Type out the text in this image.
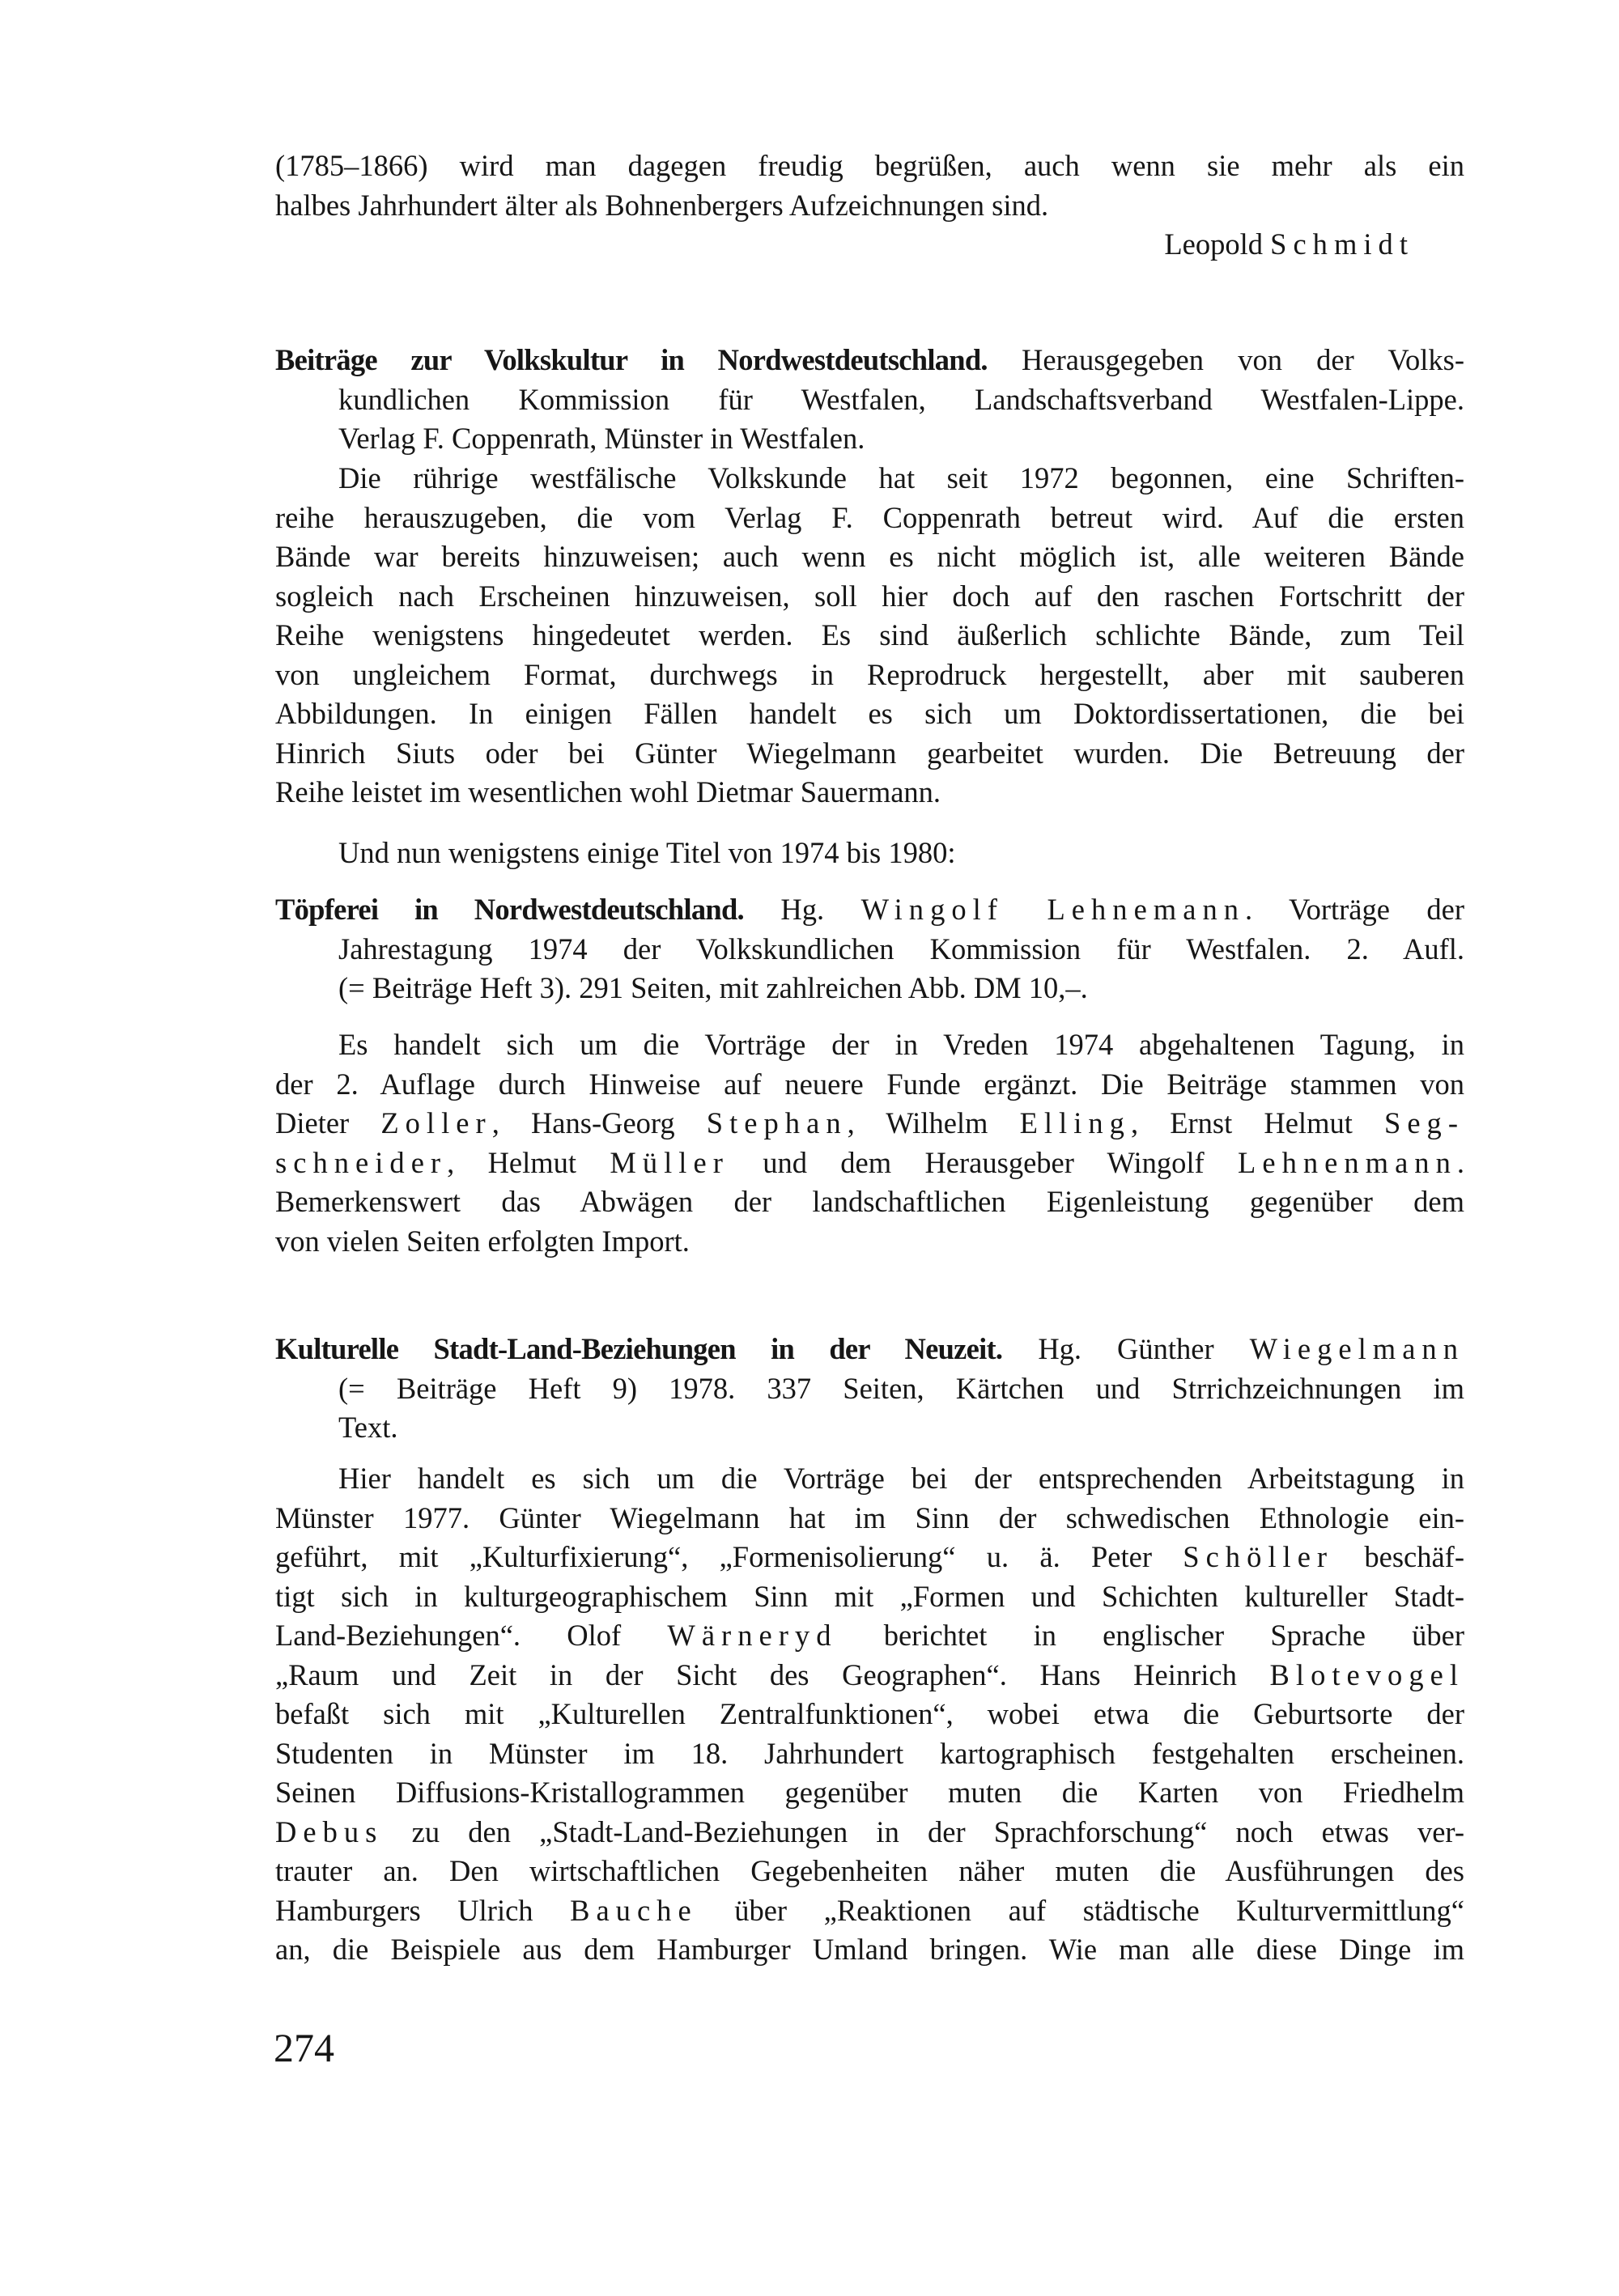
(1785–1866) wird man dagegen freudig begrüßen, auch wenn sie mehr als ein
halbes Jahrhundert älter als Bohnenbergers Aufzeichnungen sind.
Leopold Schmidt
Beiträge zur Volkskultur in Nordwestdeutschland. Herausgegeben von der Volks-
kundlichen Kommission für Westfalen, Landschaftsverband Westfalen-Lippe.
Verlag F. Coppenrath, Münster in Westfalen.
Die rührige westfälische Volkskunde hat seit 1972 begonnen, eine Schriften-
reihe herauszugeben, die vom Verlag F. Coppenrath betreut wird. Auf die ersten
Bände war bereits hinzuweisen; auch wenn es nicht möglich ist, alle weiteren Bände
sogleich nach Erscheinen hinzuweisen, soll hier doch auf den raschen Fortschritt der
Reihe wenigstens hingedeutet werden. Es sind äußerlich schlichte Bände, zum Teil
von ungleichem Format, durchwegs in Reprodruck hergestellt, aber mit sauberen
Abbildungen. In einigen Fällen handelt es sich um Doktordissertationen, die bei
Hinrich Siuts oder bei Günter Wiegelmann gearbeitet wurden. Die Betreuung der
Reihe leistet im wesentlichen wohl Dietmar Sauermann.
Und nun wenigstens einige Titel von 1974 bis 1980:
Töpferei in Nordwestdeutschland. Hg. Wingolf Lehnemann. Vorträge der
Jahrestagung 1974 der Volkskundlichen Kommission für Westfalen. 2. Aufl.
(= Beiträge Heft 3). 291 Seiten, mit zahlreichen Abb. DM 10,–.
Es handelt sich um die Vorträge der in Vreden 1974 abgehaltenen Tagung, in
der 2. Auflage durch Hinweise auf neuere Funde ergänzt. Die Beiträge stammen von
Dieter Zoller, Hans-Georg Stephan, Wilhelm Elling, Ernst Helmut Seg-
schneider, Helmut Müller und dem Herausgeber Wingolf Lehnenmann.
Bemerkenswert das Abwägen der landschaftlichen Eigenleistung gegenüber dem
von vielen Seiten erfolgten Import.
Kulturelle Stadt-Land-Beziehungen in der Neuzeit. Hg. Günther Wiegelmann
(= Beiträge Heft 9) 1978. 337 Seiten, Kärtchen und Strrichzeichnungen im
Text.
Hier handelt es sich um die Vorträge bei der entsprechenden Arbeitstagung in
Münster 1977. Günter Wiegelmann hat im Sinn der schwedischen Ethnologie ein-
geführt, mit „Kulturfixierung“, „Formenisolierung“ u. ä. Peter Schöller beschäf-
tigt sich in kulturgeographischem Sinn mit „Formen und Schichten kultureller Stadt-
Land-Beziehungen“. Olof Wärneryd berichtet in englischer Sprache über
„Raum und Zeit in der Sicht des Geographen“. Hans Heinrich Blotevogel
befaßt sich mit „Kulturellen Zentralfunktionen“, wobei etwa die Geburtsorte der
Studenten in Münster im 18. Jahrhundert kartographisch festgehalten erscheinen.
Seinen Diffusions-Kristallogrammen gegenüber muten die Karten von Friedhelm
Debus zu den „Stadt-Land-Beziehungen in der Sprachforschung“ noch etwas ver-
trauter an. Den wirtschaftlichen Gegebenheiten näher muten die Ausführungen des
Hamburgers Ulrich Bauche über „Reaktionen auf städtische Kulturvermittlung“
an, die Beispiele aus dem Hamburger Umland bringen. Wie man alle diese Dinge im
274
